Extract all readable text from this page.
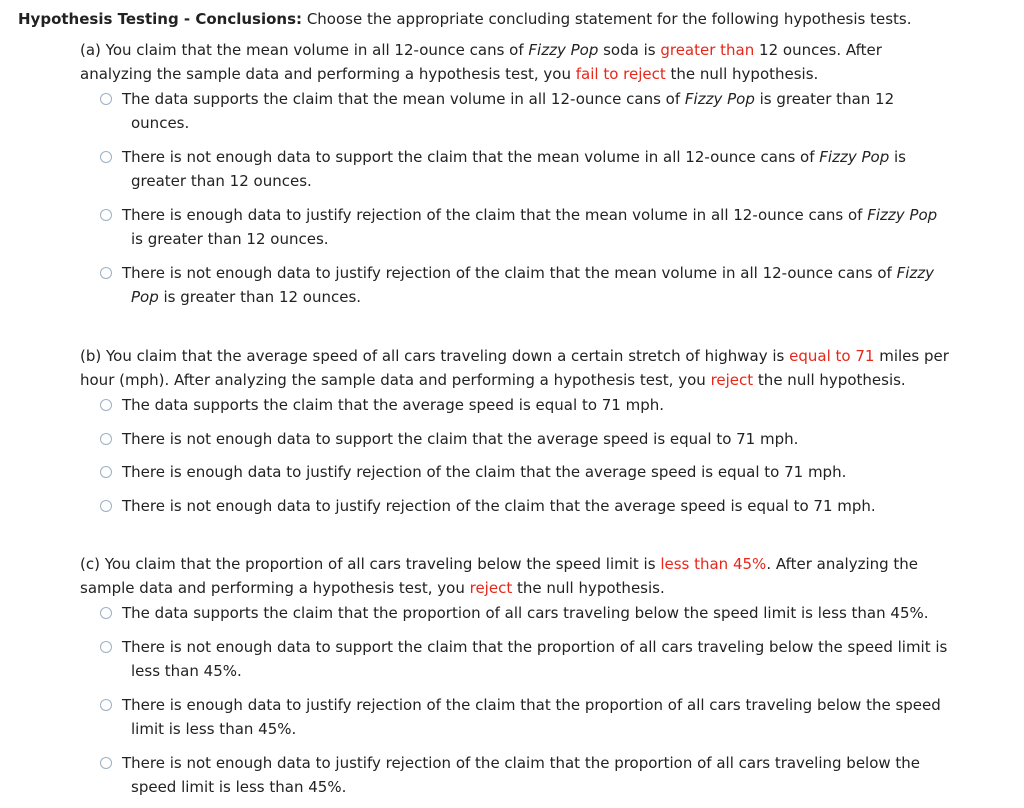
Hypothesis Testing - Conclusions: Choose the appropriate concluding statement for the following hypothesis tests.
(a) You claim that the mean volume in all 12-ounce cans of Fizzy Pop soda is greater than 12 ounces. After
analyzing the sample data and performing a hypothesis test, you fail to reject the null hypothesis.
The data supports the claim that the mean volume in all 12-ounce cans of Fizzy Pop is greater than 12
ounces.
There is not enough data to support the claim that the mean volume in all 12-ounce cans of Fizzy Pop is
greater than 12 ounces.
There is enough data to justify rejection of the claim that the mean volume in all 12-ounce cans of Fizzy Pop
is greater than 12 ounces.
There is not enough data to justify rejection of the claim that the mean volume in all 12-ounce cans of Fizzy
Pop is greater than 12 ounces.
(b) You claim that the average speed of all cars traveling down a certain stretch of highway is equal to 71 miles per
hour (mph). After analyzing the sample data and performing a hypothesis test, you reject the null hypothesis.
The data supports the claim that the average speed is equal to 71 mph.
There is not enough data to support the claim that the average speed is equal to 71 mph.
There is enough data to justify rejection of the claim that the average speed is equal to 71 mph.
There is not enough data to justify rejection of the claim that the average speed is equal to 71 mph.
(c) You claim that the proportion of all cars traveling below the speed limit is less than 45%. After analyzing the
sample data and performing a hypothesis test, you reject the null hypothesis.
The data supports the claim that the proportion of all cars traveling below the speed limit is less than 45%.
There is not enough data to support the claim that the proportion of all cars traveling below the speed limit is
less than 45%.
There is enough data to justify rejection of the claim that the proportion of all cars traveling below the speed
limit is less than 45%.
There is not enough data to justify rejection of the claim that the proportion of all cars traveling below the
speed limit is less than 45%.
